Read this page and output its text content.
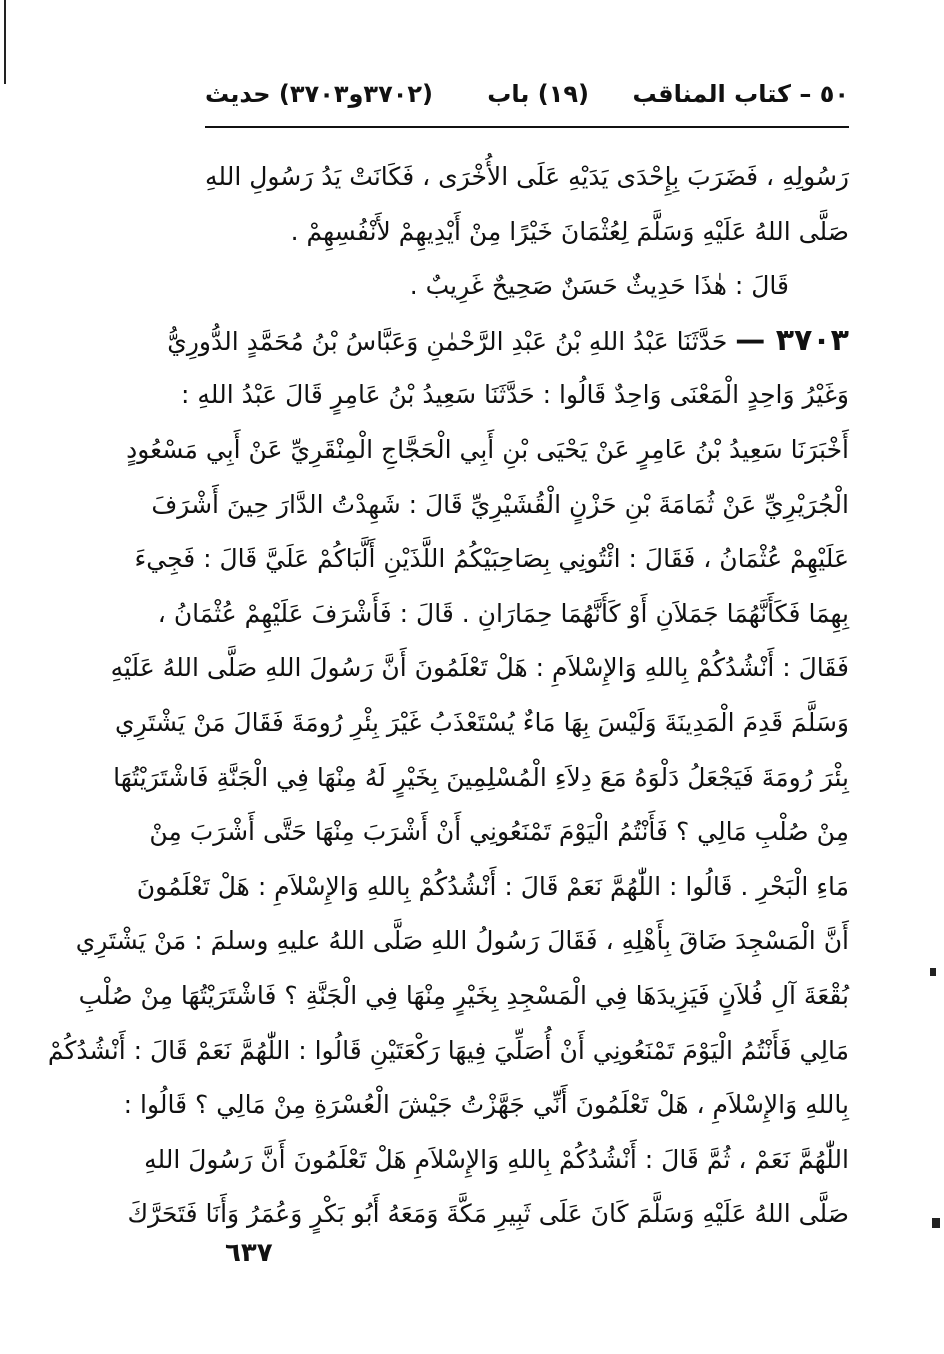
٥٠ – كتاب المناقب
(١٩) باب
(٣٧٠٢و٣٧٠٣) حديث
رَسُولِهِ ، فَضَرَبَ بِإِحْدَى يَدَيْهِ عَلَى الأُخْرَى ، فَكَانَتْ يَدُ رَسُولِ اللهِ
صَلَّى اللهُ عَلَيْهِ وَسَلَّمَ لِعُثْمَانَ خَيْرًا مِنْ أَيْدِيهِمْ لأَنْفُسِهِمْ .
قَالَ : هٰذَا حَدِيثٌ حَسَنٌ صَحِيحٌ غَرِيبٌ .
٣٧٠٣ — حَدَّثَنَا عَبْدُ اللهِ بْنُ عَبْدِ الرَّحْمٰنِ وَعَبَّاسُ بْنُ مُحَمَّدٍ الدُّورِيُّ
وَغَيْرُ وَاحِدٍ الْمَعْنَى وَاحِدٌ قَالُوا : حَدَّثَنَا سَعِيدُ بْنُ عَامِرٍ قَالَ عَبْدُ اللهِ :
أَخْبَرَنَا سَعِيدُ بْنُ عَامِرٍ عَنْ يَحْيَى بْنِ أَبِي الْحَجَّاجِ الْمِنْقَرِيِّ عَنْ أَبِي مَسْعُودٍ
الْجُرَيْرِيِّ عَنْ ثُمَامَةَ بْنِ حَزْنٍ الْقُشَيْرِيِّ قَالَ : شَهِدْتُ الدَّارَ حِينَ أَشْرَفَ
عَلَيْهِمْ عُثْمَانُ ، فَقَالَ : ائْتُونِي بِصَاحِبَيْكُمُ اللَّذَيْنِ أَلَّبَاكُمْ عَلَيَّ قَالَ : فَجِيءَ
بِهِمَا فَكَأَنَّهُمَا جَمَلاَنِ أَوْ كَأَنَّهُمَا حِمَارَانِ . قَالَ : فَأَشْرَفَ عَلَيْهِمْ عُثْمَانُ ،
فَقَالَ : أَنْشُدُكُمْ بِاللهِ وَالإِسْلاَمِ : هَلْ تَعْلَمُونَ أَنَّ رَسُولَ اللهِ صَلَّى اللهُ عَلَيْهِ
وَسَلَّمَ قَدِمَ الْمَدِينَةَ وَلَيْسَ بِهَا مَاءٌ يُسْتَعْذَبُ غَيْرَ بِئْرِ رُومَةَ فَقَالَ مَنْ يَشْتَرِي
بِئْرَ رُومَةَ فَيَجْعَلُ دَلْوَهُ مَعَ دِلاَءِ الْمُسْلِمِينَ بِخَيْرٍ لَهُ مِنْهَا فِي الْجَنَّةِ فَاشْتَرَيْتُهَا
مِنْ صُلْبِ مَالِي ؟ فَأَنْتُمُ الْيَوْمَ تَمْنَعُونِي أَنْ أَشْرَبَ مِنْهَا حَتَّى أَشْرَبَ مِنْ
مَاءِ الْبَحْرِ . قَالُوا : اللّٰهُمَّ نَعَمْ قَالَ : أَنْشُدُكُمْ بِاللهِ وَالإِسْلاَمِ : هَلْ تَعْلَمُونَ
أَنَّ الْمَسْجِدَ ضَاقَ بِأَهْلِهِ ، فَقَالَ رَسُولُ اللهِ صَلَّى اللهُ عليهِ وسلمَ : مَنْ يَشْتَرِي
بُقْعَةَ آلِ فُلاَنٍ فَيَزِيدَهَا فِي الْمَسْجِدِ بِخَيْرٍ مِنْهَا فِي الْجَنَّةِ ؟ فَاشْتَرَيْتُهَا مِنْ صُلْبِ
مَالِي فَأَنْتُمُ الْيَوْمَ تَمْنَعُونِي أَنْ أُصَلِّيَ فِيهَا رَكْعَتَيْنِ قَالُوا : اللّٰهُمَّ نَعَمْ قَالَ : أَنْشُدُكُمْ
بِاللهِ وَالإِسْلاَمِ ، هَلْ تَعْلَمُونَ أَنِّي جَهَّزْتُ جَيْشَ الْعُسْرَةِ مِنْ مَالِي ؟ قَالُوا :
اللّٰهُمَّ نَعَمْ ، ثُمَّ قَالَ : أَنْشُدُكُمْ بِاللهِ وَالإِسْلاَمِ هَلْ تَعْلَمُونَ أَنَّ رَسُولَ اللهِ
صَلَّى اللهُ عَلَيْهِ وَسَلَّمَ كَانَ عَلَى ثَبِيرِ مَكَّةَ وَمَعَهُ أَبُو بَكْرٍ وَعُمَرُ وَأَنَا فَتَحَرَّكَ
٦٣٧
